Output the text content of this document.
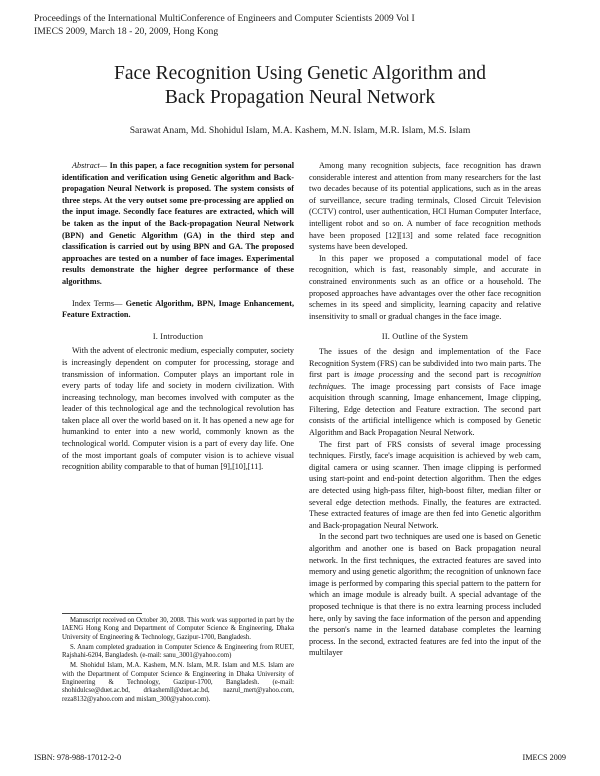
Proceedings of the International MultiConference of Engineers and Computer Scientists 2009 Vol I
IMECS 2009, March 18 - 20, 2009, Hong Kong
Face Recognition Using Genetic Algorithm and
Back Propagation Neural Network
Sarawat Anam, Md. Shohidul Islam, M.A. Kashem, M.N. Islam, M.R. Islam, M.S. Islam

Abstract— In this paper, a face recognition system for personal identification and verification using Genetic algorithm and Back-propagation Neural Network is proposed. The system consists of three steps. At the very outset some pre-processing are applied on the input image. Secondly face features are extracted, which will be taken as the input of the Back-propagation Neural Network (BPN) and Genetic Algorithm (GA) in the third step and classification is carried out by using BPN and GA. The proposed approaches are tested on a number of face images. Experimental results demonstrate the higher degree performance of these algorithms.

Index Terms— Genetic Algorithm, BPN, Image Enhancement, Feature Extraction.

I. Introduction

With the advent of electronic medium, especially computer, society is increasingly dependent on computer for processing, storage and transmission of information. Computer plays an important role in every parts of today life and society in modern civilization. With increasing technology, man becomes involved with computer as the leader of this technological age and the technological revolution has taken place all over the world based on it. It has opened a new age for humankind to enter into a new world, commonly known as the technological world. Computer vision is a part of every day life. One of the most important goals of computer vision is to achieve visual recognition ability comparable to that of human [9],[10],[11].

Manuscript received on October 30, 2008. This work was supported in part by the IAENG Hong Kong and Department of Computer Science & Engineering, Dhaka University of Engineering & Technology, Gazipur-1700, Bangladesh.

S. Anam completed graduation in Computer Science & Engineering from RUET, Rajshahi-6204, Bangladesh. (e-mail: sanu_3001@yahoo.com)

M. Shohidul Islam, M.A. Kashem, M.N. Islam, M.R. Islam and M.S. Islam are with the Department of Computer Science & Engineering in Dhaka University of Engineering & Technology, Gazipur-1700, Bangladesh. (e-mail: shohidulcse@duet.ac.bd, drkashemll@duet.ac.bd, nazrul_mert@yahoo.com, reza8132@yahoo.com and mislam_300@yahoo.com).

Among many recognition subjects, face recognition has drawn considerable interest and attention from many researchers for the last two decades because of its potential applications, such as in the areas of surveillance, secure trading terminals, Closed Circuit Television (CCTV) control, user authentication, HCI Human Computer Interface, intelligent robot and so on. A number of face recognition methods have been proposed [12][13] and some related face recognition systems have been developed.

In this paper we proposed a computational model of face recognition, which is fast, reasonably simple, and accurate in constrained environments such as an office or a household. The proposed approaches have advantages over the other face recognition schemes in its speed and simplicity, learning capacity and relative insensitivity to small or gradual changes in the face image.

II. Outline of the System

The issues of the design and implementation of the Face Recognition System (FRS) can be subdivided into two main parts. The first part is image processing and the second part is recognition techniques. The image processing part consists of Face image acquisition through scanning, Image enhancement, Image clipping, Filtering, Edge detection and Feature extraction. The second part consists of the artificial intelligence which is composed by Genetic Algorithm and Back Propagation Neural Network.

The first part of FRS consists of several image processing techniques. Firstly, face's image acquisition is achieved by web cam, digital camera or using scanner. Then image clipping is performed using start-point and end-point detection algorithm. Then the edges are detected using high-pass filter, high-boost filter, median filter or several edge detection methods. Finally, the features are extracted. These extracted features of image are then fed into Genetic algorithm and Back-propagation Neural Network.

In the second part two techniques are used one is based on Genetic algorithm and another one is based on Back propagation neural network. In the first techniques, the extracted features are saved into memory and using genetic algorithm; the recognition of unknown face image is performed by comparing this special pattern to the pattern for which an image module is already built. A special advantage of the proposed technique is that there is no extra learning process included here, only by saving the face information of the person and appending the person's name in the learned database completes the learning process. In the second, extracted features are fed into the input of the multilayer

ISBN: 978-988-17012-2-0	IMECS 2009
